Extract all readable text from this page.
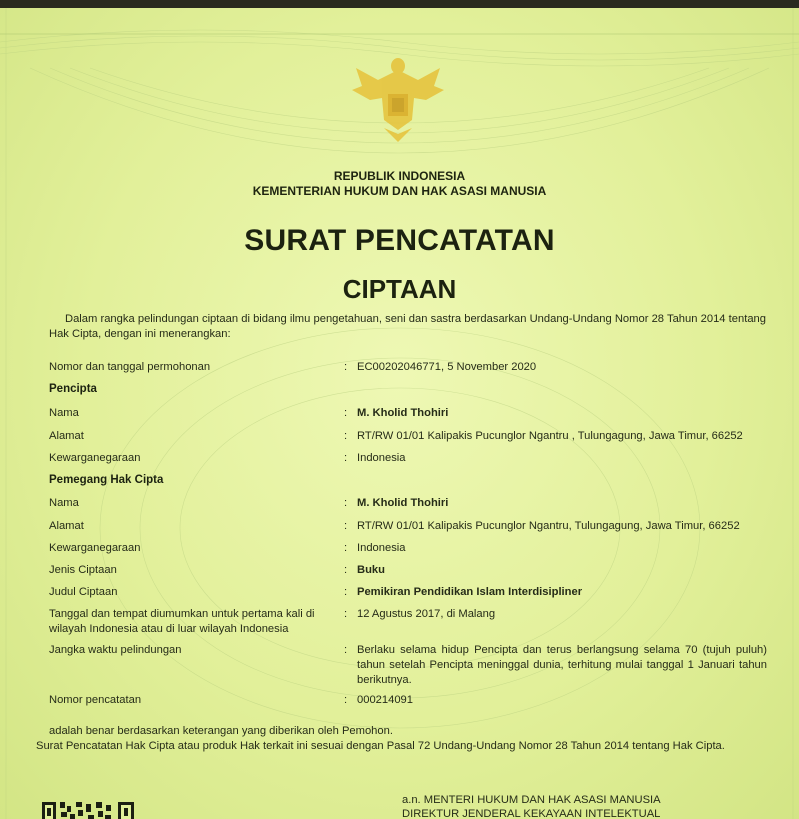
REPUBLIK INDONESIA
KEMENTERIAN HUKUM DAN HAK ASASI MANUSIA
SURAT PENCATATAN
CIPTAAN
Dalam rangka pelindungan ciptaan di bidang ilmu pengetahuan, seni dan sastra berdasarkan Undang-Undang Nomor 28 Tahun 2014 tentang Hak Cipta, dengan ini menerangkan:
Nomor dan tanggal permohonan	: EC00202046771, 5 November 2020
Pencipta
Nama	: M. Kholid Thohiri
Alamat	: RT/RW 01/01 Kalipakis Pucunglor Ngantru , Tulungagung, Jawa Timur, 66252
Kewarganegaraan	: Indonesia
Pemegang Hak Cipta
Nama	: M. Kholid Thohiri
Alamat	: RT/RW 01/01 Kalipakis Pucunglor Ngantru, Tulungagung, Jawa Timur, 66252
Kewarganegaraan	: Indonesia
Jenis Ciptaan	: Buku
Judul Ciptaan	: Pemikiran Pendidikan Islam Interdisipliner
Tanggal dan tempat diumumkan untuk pertama kali di
wilayah Indonesia atau di luar wilayah Indonesia
: 12 Agustus 2017, di Malang
Jangka waktu pelindungan	: Berlaku selama hidup Pencipta dan terus berlangsung selama 70 (tujuh puluh) tahun setelah Pencipta meninggal dunia, terhitung mulai tanggal 1 Januari tahun berikutnya.
Nomor pencatatan	: 000214091
adalah benar berdasarkan keterangan yang diberikan oleh Pemohon.
Surat Pencatatan Hak Cipta atau produk Hak terkait ini sesuai dengan Pasal 72 Undang-Undang Nomor 28 Tahun 2014 tentang Hak Cipta.
a.n. MENTERI HUKUM DAN HAK ASASI MANUSIA
DIREKTUR JENDERAL KEKAYAAN INTELEKTUAL
